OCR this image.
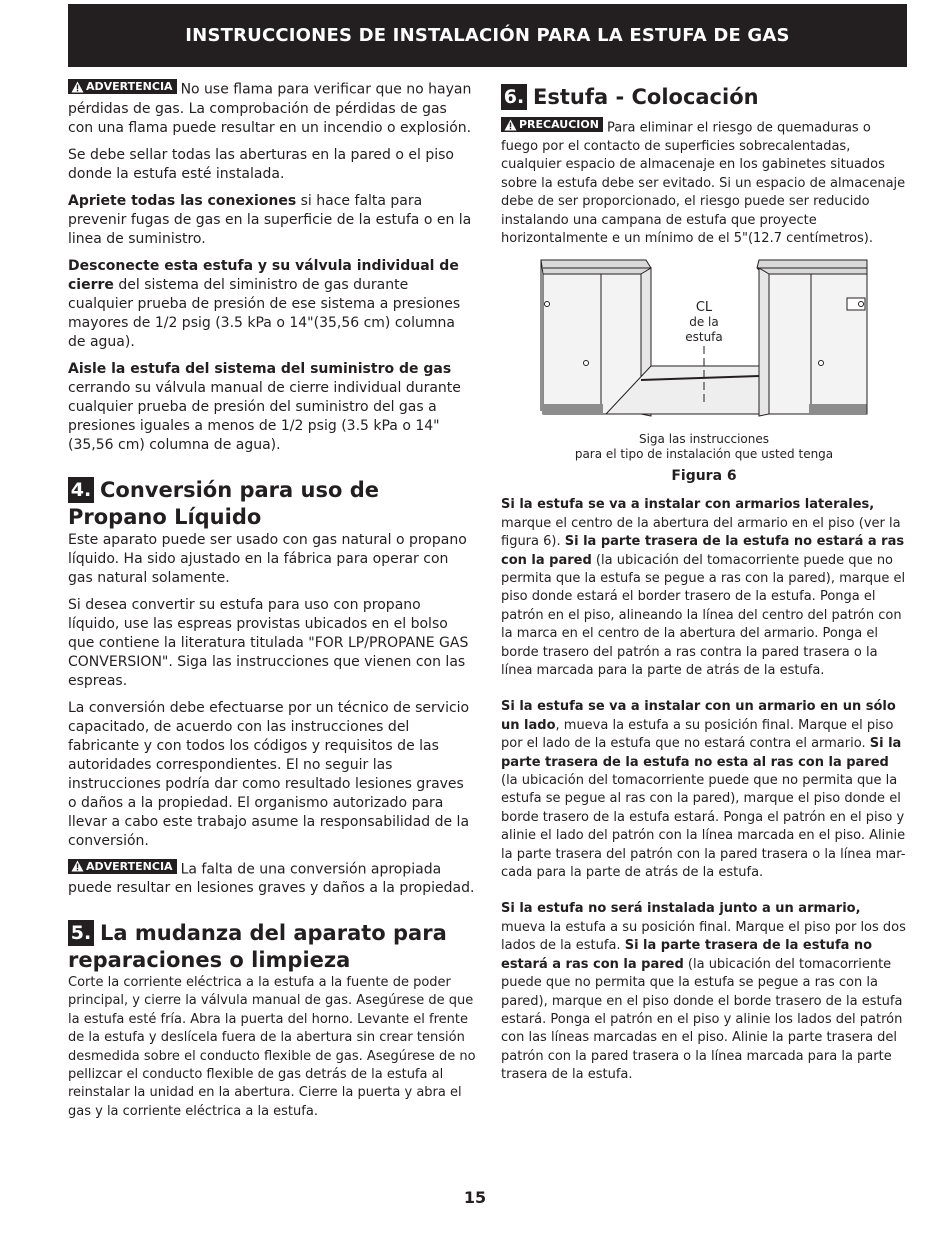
INSTRUCCIONES DE INSTALACIÓN PARA LA ESTUFA DE GAS

ADVERTENCIA No use flama para verificar que no hayan pérdidas de gas. La comprobación de pérdidas de gas con una flama puede resultar en un incendio o explosión.

Se debe sellar todas las aberturas en la pared o el piso donde la estufa esté instalada.

Apriete todas las conexiones si hace falta para prevenir fugas de gas en la superficie de la estufa o en la linea de suministro.

Desconecte esta estufa y su válvula individual de cierre del sistema del siministro de gas durante cualquier prueba de presión de ese sistema a presiones mayores de 1/2 psig (3.5 kPa o 14"(35,56 cm) columna de agua).

Aisle la estufa del sistema del suministro de gas cerrando su válvula manual de cierre individual durante cualquier prueba de presión del suministro del gas a presiones iguales a menos de 1/2 psig (3.5 kPa o 14"(35,56 cm) columna de agua).

4. Conversión para uso de Propano Líquido

Este aparato puede ser usado con gas natural o propano líquido. Ha sido ajustado en la fábrica para operar con gas natural solamente.

Si desea convertir su estufa para uso con propano líquido, use las espreas provistas ubicados en el bolso que contiene la literatura titulada "FOR LP/PROPANE GAS CONVERSION". Siga las instrucciones que vienen con las espreas.

La conversión debe efectuarse por un técnico de servicio capacitado, de acuerdo con las instrucciones del fabricante y con todos los códigos y requisitos de las autoridades correspondientes. El no seguir las instrucciones podría dar como resultado lesiones graves o daños a la propiedad. El organismo autorizado para llevar a cabo este trabajo asume la responsabilidad de la conversión.

ADVERTENCIA La falta de una conversión apropiada puede resultar en lesiones graves y daños a la propiedad.

5. La mudanza del aparato para reparaciones o limpieza

Corte la corriente eléctrica a la estufa a la fuente de poder principal, y cierre la válvula manual de gas. Asegúrese de que la estufa esté fría. Abra la puerta del horno. Levante el frente de la estufa y deslícela fuera de la abertura sin crear tensión desmedida sobre el conducto flexible de gas. Asegúrese de no pellizcar el conducto flexible de gas detrás de la estufa al reinstalar la unidad en la abertura. Cierre la puerta y abra el gas y la corriente eléctrica a la estufa.

6. Estufa - Colocación

PRECAUCION Para eliminar el riesgo de quemaduras o fuego por el contacto de superficies sobrecalentadas, cualquier espacio de almacenaje en los gabinetes situados sobre la estufa debe ser evitado. Si un espacio de almacenaje debe de ser proporcionado, el riesgo puede ser reducido instalando una campana de estufa que proyecte horizontalmente e un mínimo de el 5"(12.7 centímetros).

CL
de la
estufa
Siga las instrucciones
para el tipo de instalación que usted tenga
Figura 6

Si la estufa se va a instalar con armarios laterales, marque el centro de la abertura del armario en el piso (ver la figura 6). Si la parte trasera de la estufa no estará a ras con la pared (la ubicación del tomacorriente puede que no permita que la estufa se pegue a ras con la pared), marque el piso donde estará el border trasero de la estufa. Ponga el patrón en el piso, alineando la línea del centro del patrón con la marca en el centro de la abertura del armario. Ponga el borde trasero del patrón a ras contra la pared trasera o la línea marcada para la parte de atrás de la estufa.

Si la estufa se va a instalar con un armario en un sólo un lado, mueva la estufa a su posición final. Marque el piso por el lado de la estufa que no estará contra el armario. Si la parte trasera de la estufa no esta al ras con la pared (la ubicación del tomacorriente puede que no permita que la estufa se pegue al ras con la pared), marque el piso donde el borde trasero de la estufa estará. Ponga el patrón en el piso y alinie el lado del patrón con la línea marcada en el piso. Alinie la parte trasera del patrón con la pared trasera o la línea mar-cada para la parte de atrás de la estufa.

Si la estufa no será instalada junto a un armario, mueva la estufa a su posición final. Marque el piso por los dos lados de la estufa. Si la parte trasera de la estufa no estará a ras con la pared (la ubicación del tomacorriente puede que no permita que la estufa se pegue a ras con la pared), marque en el piso donde el borde trasero de la estufa estará. Ponga el patrón en el piso y alinie los lados del patrón con las líneas marcadas en el piso. Alinie la parte trasera del patrón con la pared trasera o la línea marcada para la parte trasera de la estufa.

15
